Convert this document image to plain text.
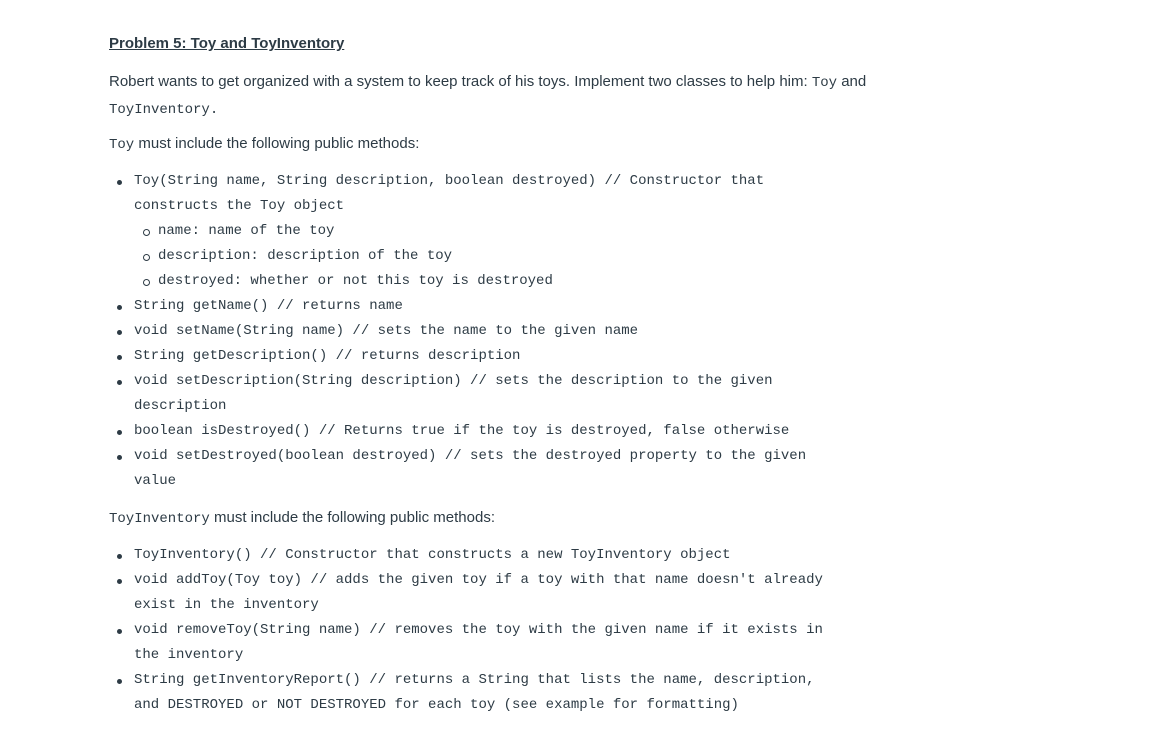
Problem 5: Toy and ToyInventory
Robert wants to get organized with a system to keep track of his toys. Implement two classes to help him: Toy and
ToyInventory.
Toy must include the following public methods:
Toy(String name, String description, boolean destroyed) // Constructor that
constructs the Toy object
name: name of the toy
description: description of the toy
destroyed: whether or not this toy is destroyed
String getName() // returns name
void setName(String name) // sets the name to the given name
String getDescription() // returns description
void setDescription(String description) // sets the description to the given
description
boolean isDestroyed() // Returns true if the toy is destroyed, false otherwise
void setDestroyed(boolean destroyed) // sets the destroyed property to the given
value
ToyInventory must include the following public methods:
ToyInventory() // Constructor that constructs a new ToyInventory object
void addToy(Toy toy) // adds the given toy if a toy with that name doesn't already
exist in the inventory
void removeToy(String name) // removes the toy with the given name if it exists in
the inventory
String getInventoryReport() // returns a String that lists the name, description,
and DESTROYED or NOT DESTROYED for each toy (see example for formatting)
